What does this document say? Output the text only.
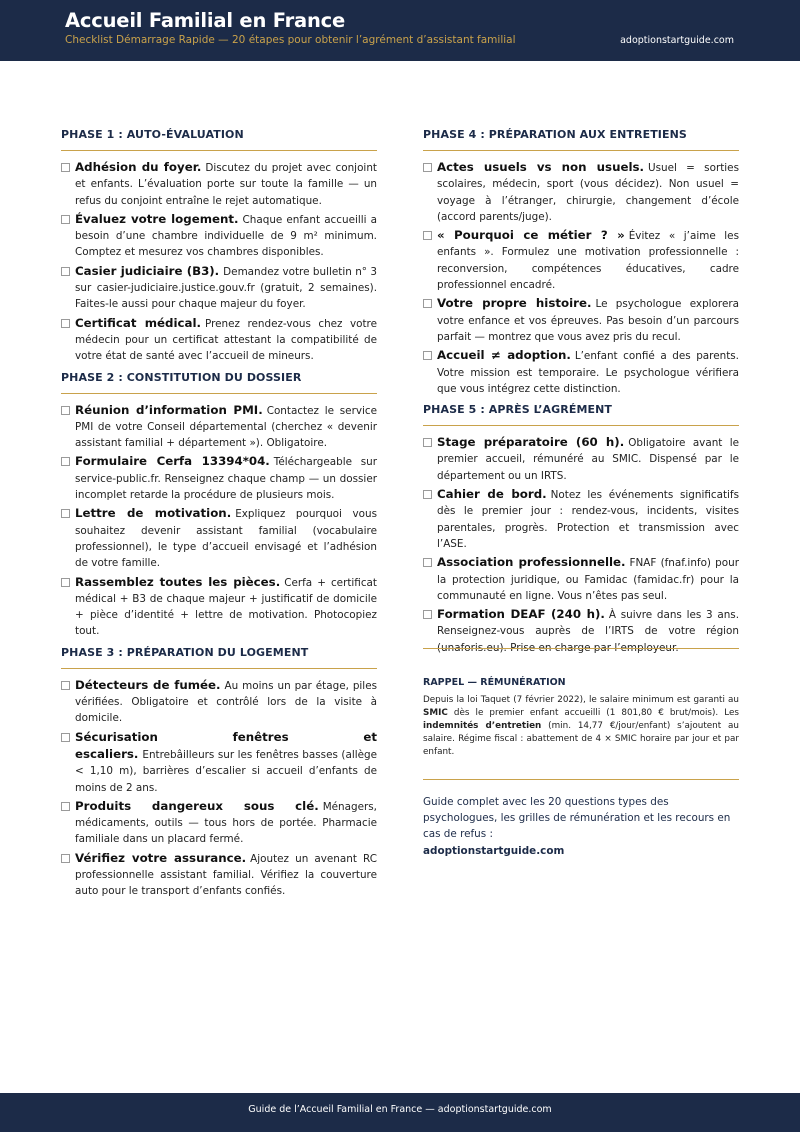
Accueil Familial en France
Checklist Démarrage Rapide — 20 étapes pour obtenir l’agrément d’assistant familial	adoptionstartguide.com
PHASE 1 : AUTO-ÉVALUATION
Adhésion du foyer. Discutez du projet avec conjoint et enfants. L’évaluation porte sur toute la famille — un refus du conjoint entraîne le rejet automatique.
Évaluez votre logement. Chaque enfant accueilli a besoin d’une chambre individuelle de 9 m² minimum. Comptez et mesurez vos chambres disponibles.
Casier judiciaire (B3). Demandez votre bulletin n° 3 sur casier-judiciaire.justice.gouv.fr (gratuit, 2 semaines). Faites-le aussi pour chaque majeur du foyer.
Certificat médical. Prenez rendez-vous chez votre médecin pour un certificat attestant la compatibilité de votre état de santé avec l’accueil de mineurs.
PHASE 2 : CONSTITUTION DU DOSSIER
Réunion d’information PMI. Contactez le service PMI de votre Conseil départemental (cherchez « devenir assistant familial + département »). Obligatoire.
Formulaire Cerfa 13394*04. Téléchargeable sur service-public.fr. Renseignez chaque champ — un dossier incomplet retarde la procédure de plusieurs mois.
Lettre de motivation. Expliquez pourquoi vous souhaitez devenir assistant familial (vocabulaire professionnel), le type d’accueil envisagé et l’adhésion de votre famille.
Rassemblez toutes les pièces. Cerfa + certificat médical + B3 de chaque majeur + justificatif de domicile + pièce d’identité + lettre de motivation. Photocopiez tout.
PHASE 3 : PRÉPARATION DU LOGEMENT
Détecteurs de fumée. Au moins un par étage, piles vérifiées. Obligatoire et contrôlé lors de la visite à domicile.
Sécurisation fenêtres et escaliers. Entrebâilleurs sur les fenêtres basses (allège < 1,10 m), barrières d’escalier si accueil d’enfants de moins de 2 ans.
Produits dangereux sous clé. Ménagers, médicaments, outils — tous hors de portée. Pharmacie familiale dans un placard fermé.
Vérifiez votre assurance. Ajoutez un avenant RC professionnelle assistant familial. Vérifiez la couverture auto pour le transport d’enfants confiés.
PHASE 4 : PRÉPARATION AUX ENTRETIENS
Actes usuels vs non usuels. Usuel = sorties scolaires, médecin, sport (vous décidez). Non usuel = voyage à l’étranger, chirurgie, changement d’école (accord parents/juge).
« Pourquoi ce métier ? » Évitez « j’aime les enfants ». Formulez une motivation professionnelle : reconversion, compétences éducatives, cadre professionnel encadré.
Votre propre histoire. Le psychologue explorera votre enfance et vos épreuves. Pas besoin d’un parcours parfait — montrez que vous avez pris du recul.
Accueil ≠ adoption. L’enfant confié a des parents. Votre mission est temporaire. Le psychologue vérifiera que vous intégrez cette distinction.
PHASE 5 : APRÈS L’AGRÉMENT
Stage préparatoire (60 h). Obligatoire avant le premier accueil, rémunéré au SMIC. Dispensé par le département ou un IRTS.
Cahier de bord. Notez les événements significatifs dès le premier jour : rendez-vous, incidents, visites parentales, progrès. Protection et transmission avec l’ASE.
Association professionnelle. FNAF (fnaf.info) pour la protection juridique, ou Famidac (famidac.fr) pour la communauté en ligne. Vous n’êtes pas seul.
Formation DEAF (240 h). À suivre dans les 3 ans. Renseignez-vous auprès de l’IRTS de votre région (unaforis.eu). Prise en charge par l’employeur.
RAPPEL — RÉMUNÉRATION
Depuis la loi Taquet (7 février 2022), le salaire minimum est garanti au SMIC dès le premier enfant accueilli (1 801,80 € brut/mois). Les indemnités d’entretien (min. 14,77 €/jour/enfant) s’ajoutent au salaire. Régime fiscal : abattement de 4 × SMIC horaire par jour et par enfant.
Guide complet avec les 20 questions types des psychologues, les grilles de rémunération et les recours en cas de refus :
adoptionstartguide.com
Guide de l’Accueil Familial en France — adoptionstartguide.com
